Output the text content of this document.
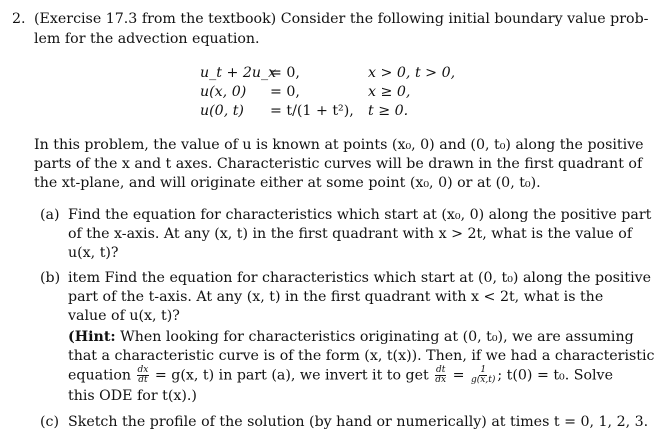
2. (Exercise 17.3 from the textbook) Consider the following initial boundary value prob-
lem for the advection equation.
u_t + 2u_x
= 0,	x > 0, t > 0,
u(x, 0) = 0,	x ≥ 0,
u(0, t) = t/(1 + t²), t ≥ 0.
In this problem, the value of u is known at points (x₀, 0) and (0, t₀) along the positive
parts of the x and t axes. Characteristic curves will be drawn in the first quadrant of
the xt-plane, and will originate either at some point (x₀, 0) or at (0, t₀).
(a) Find the equation for characteristics which start at (x₀, 0) along the positive part
of the x-axis. At any (x, t) in the first quadrant with x > 2t, what is the value of
u(x, t)?
(b) item Find the equation for characteristics which start at (0, t₀) along the positive
part of the t-axis. At any (x, t) in the first quadrant with x < 2t, what is the
value of u(x, t)?
(Hint: When looking for characteristics originating at (0, t₀), we are assuming
that a characteristic curve is of the form (x, t(x)). Then, if we had a characteristic
equation $\frac{dx}{dt} = g(x$, t) in part (a), we invert it to get $\frac{dt}{dx} = \frac{1}{g(x,t)}$ ; t(0) = t₀. Solve
this ODE for t(x).)
(c) Sketch the profile of the solution (by hand or numerically) at times t = 0, 1, 2, 3.
